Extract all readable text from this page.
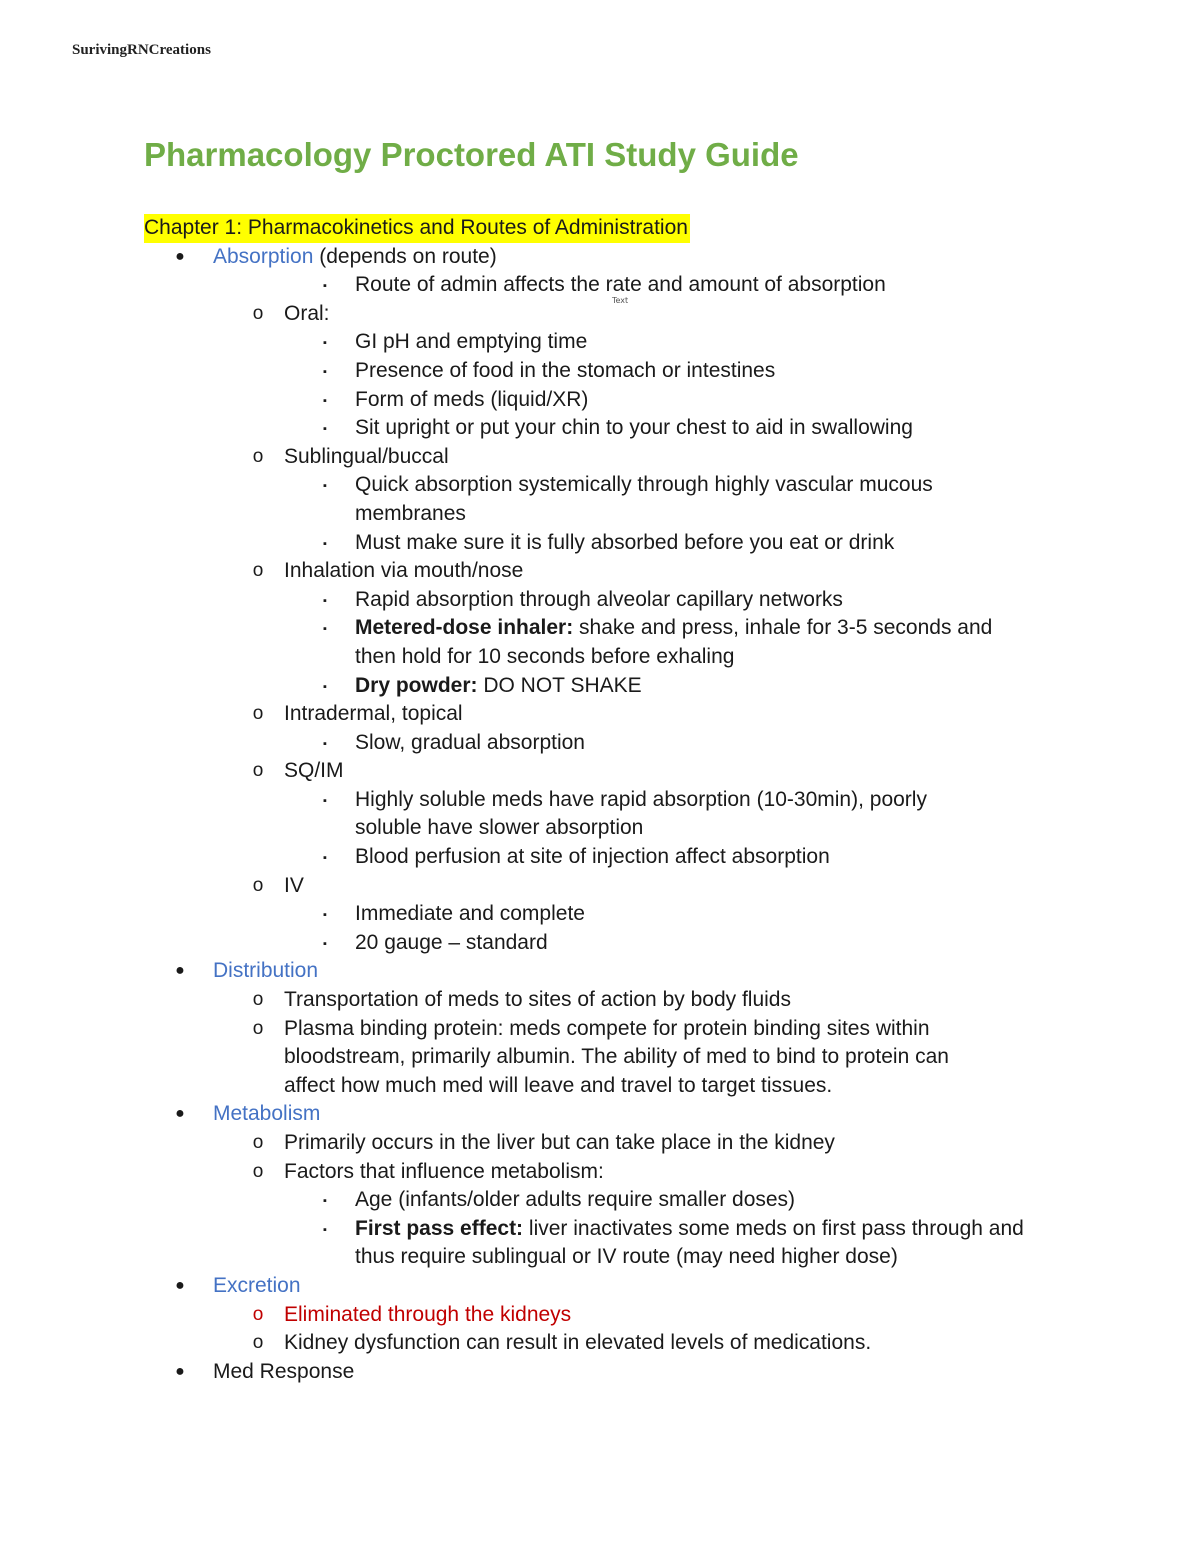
SurivingRNCreations
Pharmacology Proctored ATI Study Guide
Text
Chapter 1: Pharmacokinetics and Routes of Administration
● Absorption (depends on route)
▪	Route of admin affects the rate and amount of absorption
o Oral:
▪	GI pH and emptying time
▪	Presence of food in the stomach or intestines
▪	Form of meds (liquid/XR)
▪	Sit upright or put your chin to your chest to aid in swallowing
o Sublingual/buccal
▪	Quick absorption systemically through highly vascular mucous
membranes
▪	Must make sure it is fully absorbed before you eat or drink
o Inhalation via mouth/nose
▪	Rapid absorption through alveolar capillary networks
▪	Metered-dose inhaler: shake and press, inhale for 3-5 seconds and
then hold for 10 seconds before exhaling
▪	Dry powder: DO NOT SHAKE
o Intradermal, topical
▪	Slow, gradual absorption
o SQ/IM
▪	Highly soluble meds have rapid absorption (10-30min), poorly
soluble have slower absorption
▪	Blood perfusion at site of injection affect absorption
o IV
▪	Immediate and complete
▪	20 gauge – standard
● Distribution
o Transportation of meds to sites of action by body fluids
o Plasma binding protein: meds compete for protein binding sites within
bloodstream, primarily albumin. The ability of med to bind to protein can
affect how much med will leave and travel to target tissues.
● Metabolism
o Primarily occurs in the liver but can take place in the kidney
o Factors that influence metabolism:
▪	Age (infants/older adults require smaller doses)
▪	First pass effect: liver inactivates some meds on first pass through and
thus require sublingual or IV route (may need higher dose)
● Excretion
o Eliminated through the kidneys
o Kidney dysfunction can result in elevated levels of medications.
● Med Response
